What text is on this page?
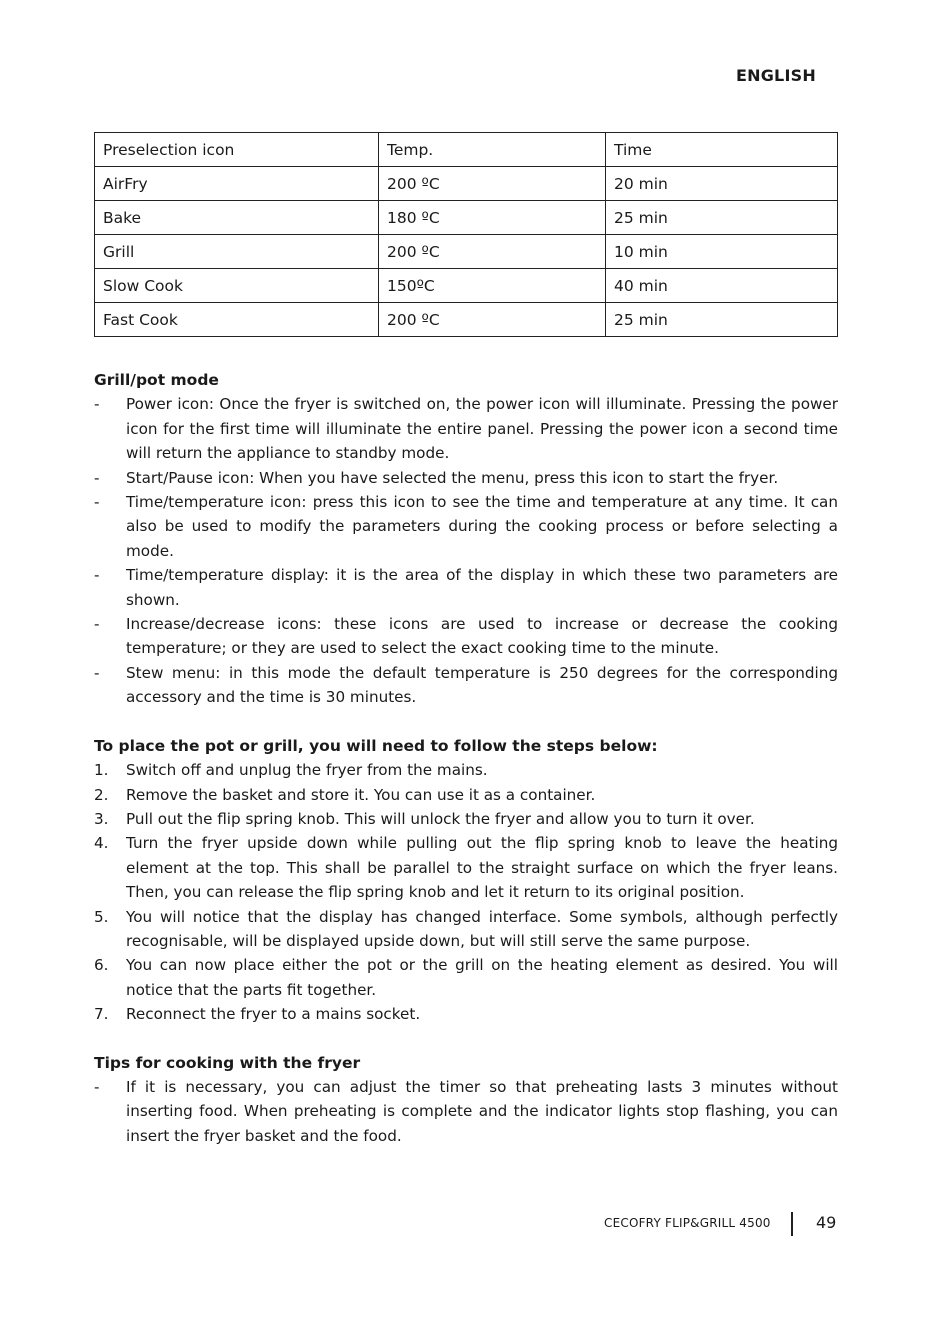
ENGLISH
Preselection icon	Temp.	Time
AirFry	200 ºC	20 min
Bake	180 ºC	25 min
Grill	200 ºC	10 min
Slow Cook	150ºC	40 min
Fast Cook	200 ºC	25 min
Grill/pot mode
-	Power icon: Once the fryer is switched on, the power icon will illuminate. Pressing the power icon for the first time will illuminate the entire panel. Pressing the power icon a second time will return the appliance to standby mode.
-	Start/Pause icon: When you have selected the menu, press this icon to start the fryer.
-	Time/temperature icon: press this icon to see the time and temperature at any time. It can also be used to modify the parameters during the cooking process or before selecting a mode.
-	Time/temperature display: it is the area of the display in which these two parameters are shown.
-	Increase/decrease icons: these icons are used to increase or decrease the cooking temperature; or they are used to select the exact cooking time to the minute.
-	Stew menu: in this mode the default temperature is 250 degrees for the corresponding accessory and the time is 30 minutes.
To place the pot or grill, you will need to follow the steps below:
1.	Switch off and unplug the fryer from the mains.
2.	Remove the basket and store it. You can use it as a container.
3.	Pull out the flip spring knob. This will unlock the fryer and allow you to turn it over.
4.	Turn the fryer upside down while pulling out the flip spring knob to leave the heating element at the top. This shall be parallel to the straight surface on which the fryer leans. Then, you can release the flip spring knob and let it return to its original position.
5.	You will notice that the display has changed interface. Some symbols, although perfectly recognisable, will be displayed upside down, but will still serve the same purpose.
6.	You can now place either the pot or the grill on the heating element as desired. You will notice that the parts fit together.
7.	Reconnect the fryer to a mains socket.
Tips for cooking with the fryer
-	If it is necessary, you can adjust the timer so that preheating lasts 3 minutes without inserting food. When preheating is complete and the indicator lights stop flashing, you can insert the fryer basket and the food.
CECOFRY FLIP&GRILL 4500	49
